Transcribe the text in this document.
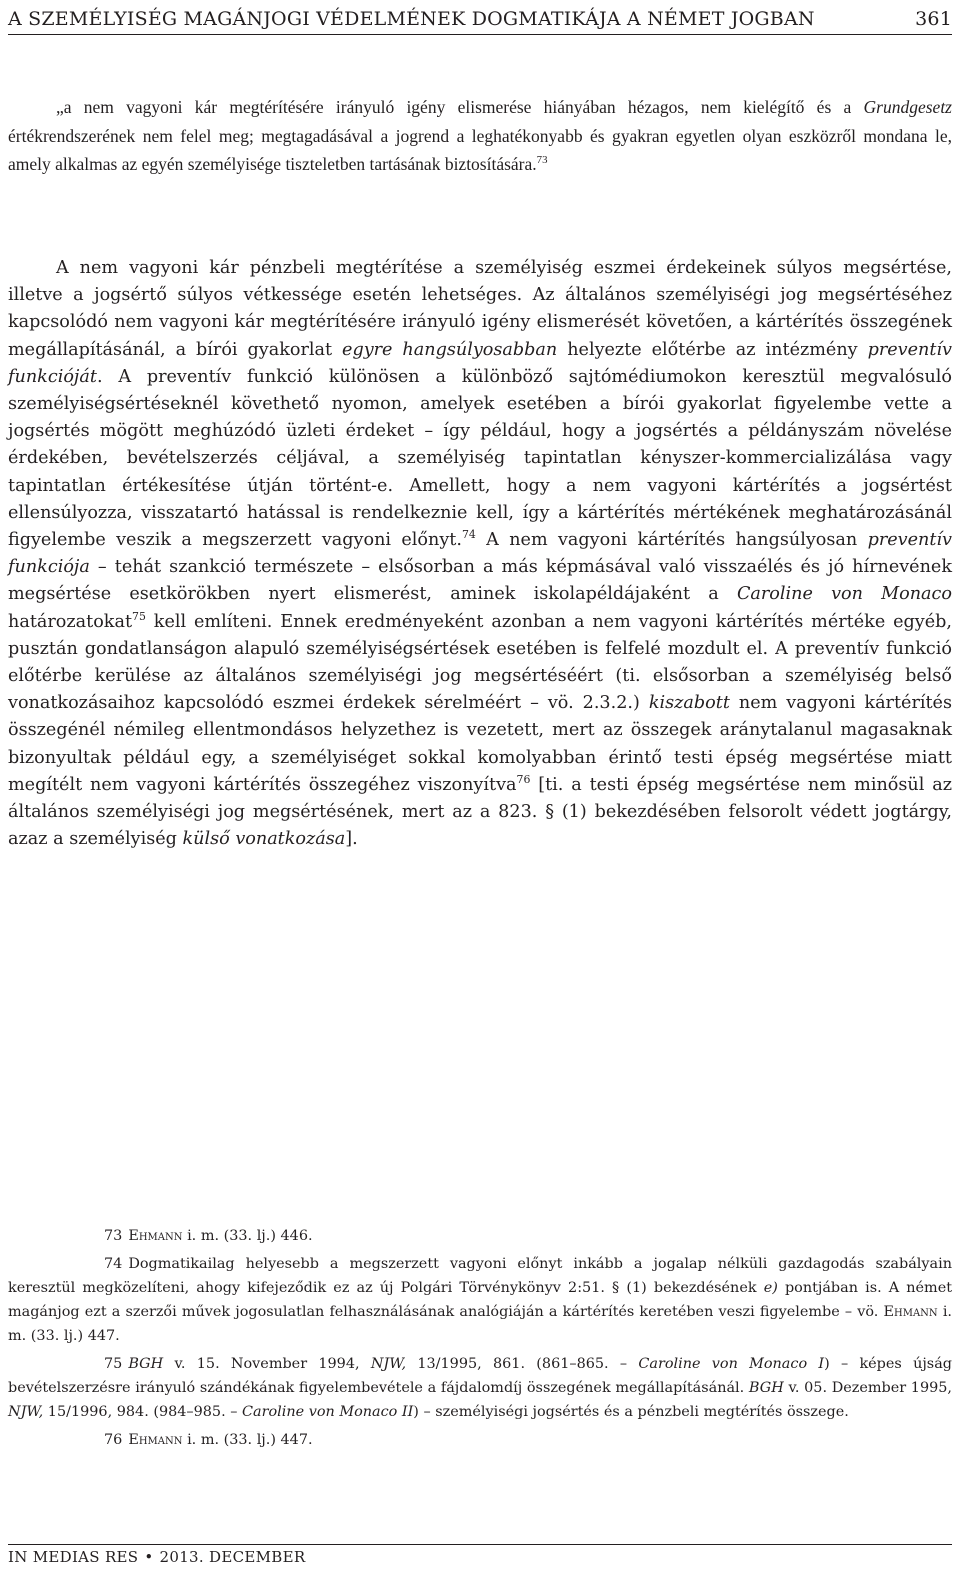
A SZEMÉLYISÉG MAGÁNJOGI VÉDELMÉNEK DOGMATIKÁJA A NÉMET JOGBAN	361

„a nem vagyoni kár megtérítésére irányuló igény elismerése hiányában hézagos, nem kielégítő és a Grundgesetz értékrendszerének nem felel meg; megtagadásával a jogrend a leghatékonyabb és gyakran egyetlen olyan eszközről mondana le, amely alkalmas az egyén személyisége tiszteletben tartásának biztosítására.$^{73}$

A nem vagyoni kár pénzbeli megtérítése a személyiség eszmei érdekeinek súlyos megsértése, illetve a jogsértő súlyos vétkessége esetén lehetséges. Az általános személyiségi jog megsértéséhez kapcsolódó nem vagyoni kár megtérítésére irányuló igény elismerését követően, a kártérítés összegének megállapításánál, a bírói gyakorlat egyre hangsúlyosabban helyezte előtérbe az intézmény preventív funkcióját. A preventív funkció különösen a különböző sajtómédiumokon keresztül megvalósuló személyiségsértéseknél követhető nyomon, amelyek esetében a bírói gyakorlat figyelembe vette a jogsértés mögött meghúzódó üzleti érdeket – így például, hogy a jogsértés a példányszám növelése érdekében, bevételszerzés céljával, a személyiség tapintatlan kényszer-kommercializálása vagy tapintatlan értékesítése útján történt-e. Amellett, hogy a nem vagyoni kártérítés a jogsértést ellensúlyozza, visszatartó hatással is rendelkeznie kell, így a kártérítés mértékének meghatározásánál figyelembe veszik a megszerzett vagyoni előnyt.$^{74}$ A nem vagyoni kártérítés hangsúlyosan preventív funkciója – tehát szankció természete – elsősorban a más képmásával való visszaélés és jó hírnevének megsértése esetkörökben nyert elismerést, aminek iskolapéldájaként a Caroline von Monaco határozatokat$^{75}$ kell említeni. Ennek eredményeként azonban a nem vagyoni kártérítés mértéke egyéb, pusztán gondatlanságon alapuló személyiségsértések esetében is felfelé mozdult el. A preventív funkció előtérbe kerülése az általános személyiségi jog megsértéséért (ti. elsősorban a személyiség belső vonatkozásaihoz kapcsolódó eszmei érdekek sérelméért – vö. 2.3.2.) kiszabott nem vagyoni kártérítés összegénél némileg ellentmondásos helyzethez is vezetett, mert az összegek aránytalanul magasaknak bizonyultak például egy, a személyiséget sokkal komolyabban érintő testi épség megsértése miatt megítélt nem vagyoni kártérítés összegéhez viszonyítva$^{76}$ [ti. a testi épség megsértése nem minősül az általános személyiségi jog megsértésének, mert az a 823. § (1) bekezdésében felsorolt védett jogtárgy, azaz a személyiség külső vonatkozása].

73 Ehmann i. m. (33. lj.) 446.

74 Dogmatikailag helyesebb a megszerzett vagyoni előnyt inkább a jogalap nélküli gazdagodás szabályain keresztül megközelíteni, ahogy kifejeződik ez az új Polgári Törvénykönyv 2:51. § (1) bekezdésének e) pontjában is. A német magánjog ezt a szerzői művek jogosulatlan felhasználásának analógiáján a kártérítés keretében veszi figyelembe – vö. Ehmann i. m. (33. lj.) 447.

75 BGH v. 15. November 1994, NJW, 13/1995, 861. (861–865. – Caroline von Monaco I) – képes újság bevételszerzésre irányuló szándékának figyelembevétele a fájdalomdíj összegének megállapításánál. BGH v. 05. Dezember 1995, NJW, 15/1996, 984. (984–985. – Caroline von Monaco II) – személyiségi jogsértés és a pénzbeli megtérítés összege.

76 Ehmann i. m. (33. lj.) 447.

IN MEDIAS RES • 2013. DECEMBER
